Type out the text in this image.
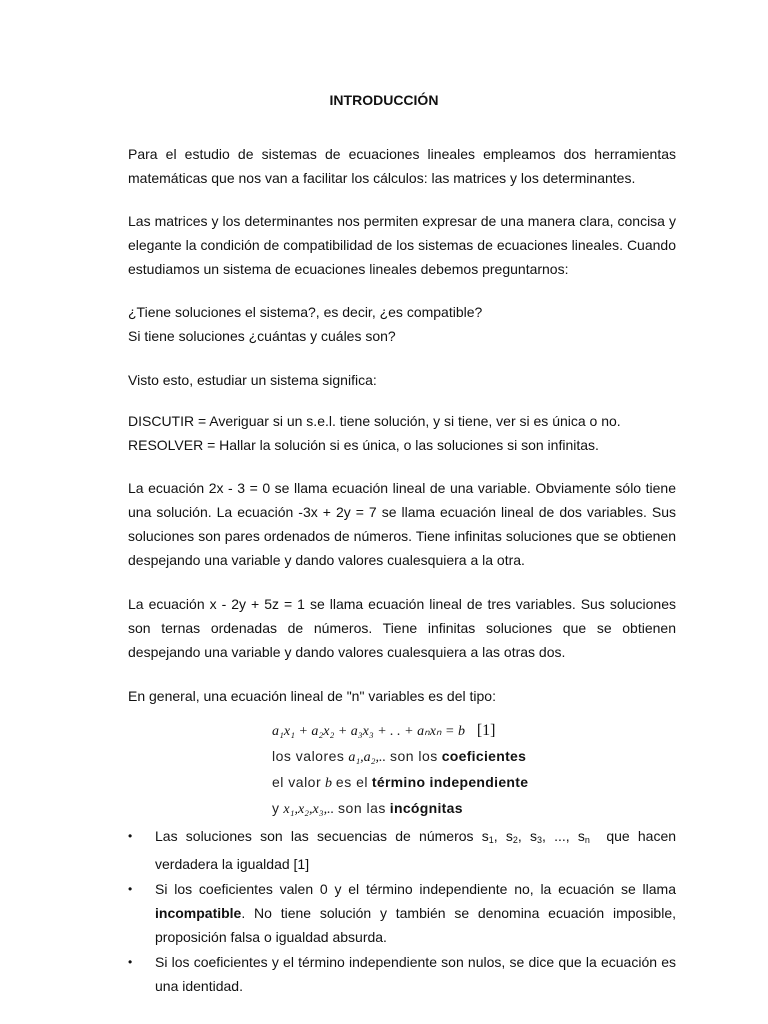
INTRODUCCIÓN

Para el estudio de sistemas de ecuaciones lineales empleamos dos herramientas matemáticas que nos van a facilitar los cálculos: las matrices y los determinantes.

Las matrices y los determinantes nos permiten expresar de una manera clara, concisa y elegante la condición de compatibilidad de los sistemas de ecuaciones lineales. Cuando estudiamos un sistema de ecuaciones lineales debemos preguntarnos:

¿Tiene soluciones el sistema?, es decir, ¿es compatible?
Si tiene soluciones ¿cuántas y cuáles son?

Visto esto, estudiar un sistema significa:

DISCUTIR = Averiguar si un s.e.l. tiene solución, y si tiene, ver si es única o no.
RESOLVER = Hallar la solución si es única, o las soluciones si son infinitas.

La ecuación 2x - 3 = 0 se llama ecuación lineal de una variable. Obviamente sólo tiene una solución. La ecuación -3x + 2y = 7 se llama ecuación lineal de dos variables. Sus soluciones son pares ordenados de números. Tiene infinitas soluciones que se obtienen despejando una variable y dando valores cualesquiera a la otra.

La ecuación x - 2y + 5z = 1 se llama ecuación lineal de tres variables. Sus soluciones son ternas ordenadas de números. Tiene infinitas soluciones que se obtienen despejando una variable y dando valores cualesquiera a las otras dos.

En general, una ecuación lineal de "n" variables es del tipo:

a₁x₁ + a₂x₂ + a₃x₃ + . . + aₙxₙ = b [1]
los valores a₁,a₂,.. son los coeficientes
el valor b es el término independiente
y x₁,x₂,x₃,.. son las incógnitas
• Las soluciones son las secuencias de números $s_1$, $s_2$, $s_3$, ..., $s_n$ que hacen verdadera la igualdad [1]
• Si los coeficientes valen 0 y el término independiente no, la ecuación se llama incompatible. No tiene solución y también se denomina ecuación imposible, proposición falsa o igualdad absurda.
• Si los coeficientes y el término independiente son nulos, se dice que la ecuación es una identidad.
